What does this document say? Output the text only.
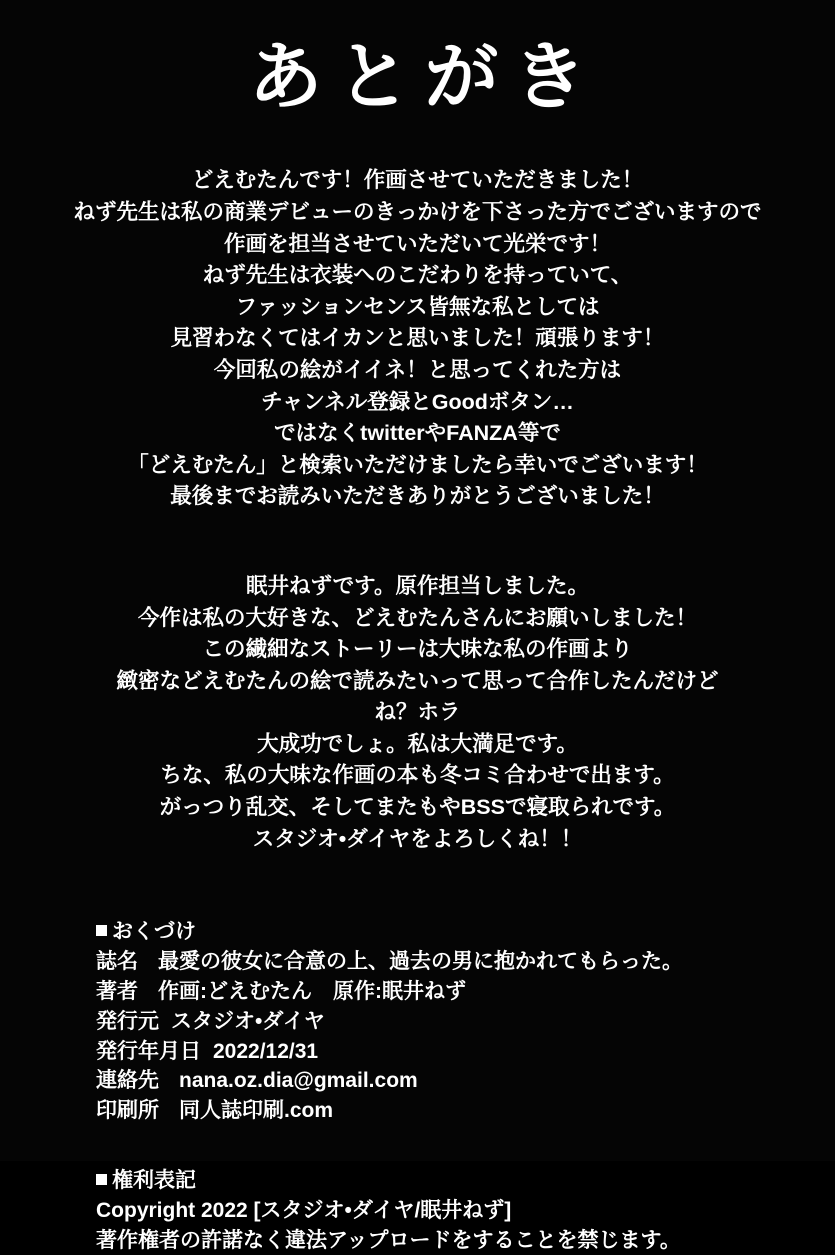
あとがき

どえむたんです！作画させていただきました！

ねず先生は私の商業デビューのきっかけを下さった方でございますので

作画を担当させていただいて光栄です！

ねず先生は衣装へのこだわりを持っていて、

ファッションセンス皆無な私としては

見習わなくてはイカンと思いました！頑張ります！

今回私の絵がイイネ！と思ってくれた方は

チャンネル登録とGoodボタン…

ではなくtwitterやFANZA等で

「どえむたん」と検索いただけましたら幸いでございます！

最後までお読みいただきありがとうございました！

眠井ねずです。原作担当しました。

今作は私の大好きな、どえむたんさんにお願いしました！

この繊細なストーリーは大味な私の作画より

緻密などえむたんの絵で読みたいって思って合作したんだけど

ね？ホラ

大成功でしょ。私は大満足です。

ちな、私の大味な作画の本も冬コミ合わせで出ます。

がっつり乱交、そしてまたもやBSSで寝取られです。

スタジオ•ダイヤをよろしくね！！

おくづけ

誌名 最愛の彼女に合意の上、過去の男に抱かれてもらった。

著者 作画:どえむたん　原作:眠井ねず

発行元 スタジオ•ダイヤ

発行年月日 2022/12/31

連絡先 nana.oz.dia@gmail.com

印刷所 同人誌印刷.com

権利表記

Copyright 2022 [スタジオ•ダイヤ/眠井ねず]

著作権者の許諾なく違法アップロードをすることを禁じます。
